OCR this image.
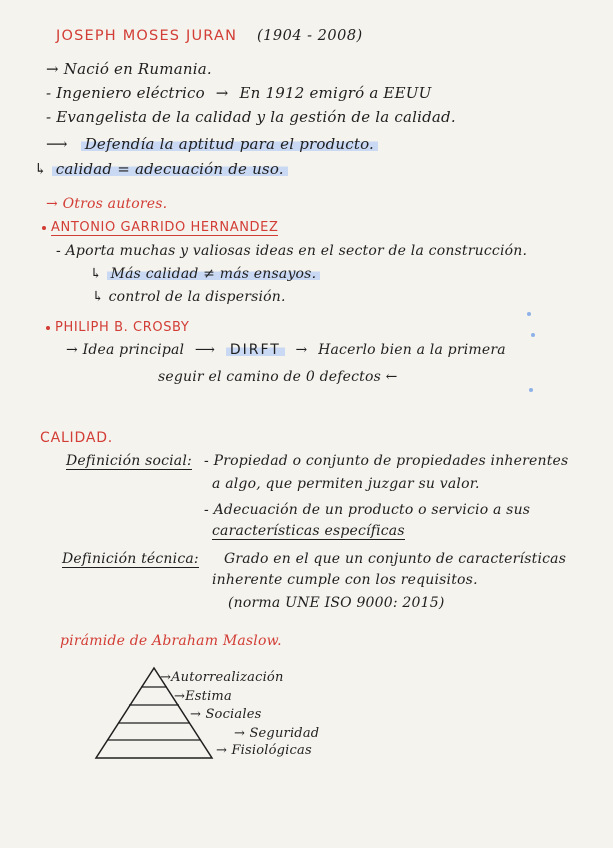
JOSEPH MOSES JURAN (1904 - 2008)
→ Nació en Rumania.
- Ingeniero eléctrico → En 1912 emigró a EEUU
- Evangelista de la calidad y la gestión de la calidad.
⟶ Defendía la aptitud para el producto.
↳ calidad = adecuación de uso.
→ Otros autores.
ANTONIO GARRIDO HERNANDEZ
- Aporta muchas y valiosas ideas en el sector de la construcción.
↳ Más calidad ≠ más ensayos.
↳ control de la dispersión.
PHILIPH B. CROSBY
→ Idea principal ⟶ DIRFT → Hacerlo bien a la primera
seguir el camino de 0 defectos ←
CALIDAD.
Definición social: - Propiedad o conjunto de propiedades inherentes
a algo, que permiten juzgar su valor.
- Adecuación de un producto o servicio a sus
características específicas
Definición técnica: Grado en el que un conjunto de características
inherente cumple con los requisitos.
(norma UNE ISO 9000: 2015)
pirámide de Abraham Maslow.
→Autorrealización
→Estima
→ Sociales
→ Seguridad
→ Fisiológicas
